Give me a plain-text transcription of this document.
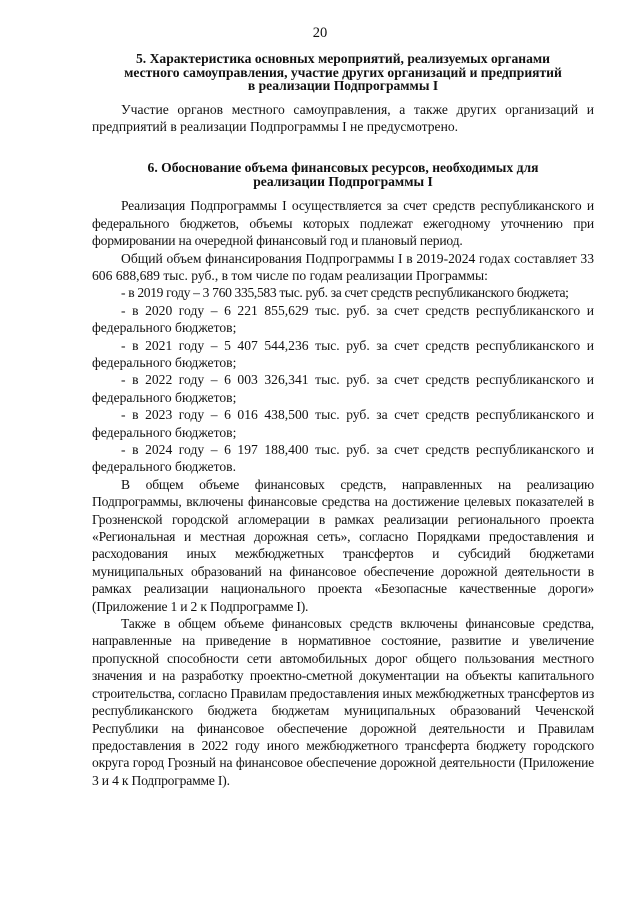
20
5. Характеристика основных мероприятий, реализуемых органами
местного самоуправления, участие других организаций и предприятий
в реализации Подпрограммы I

Участие органов местного самоуправления, а также других организаций и предприятий в реализации Подпрограммы I не предусмотрено.

6. Обоснование объема финансовых ресурсов, необходимых для
реализации Подпрограммы I

Реализация Подпрограммы I осуществляется за счет средств республиканского и федерального бюджетов, объемы которых подлежат ежегодному уточнению при формировании на очередной финансовый год и плановый период.

Общий объем финансирования Подпрограммы I в 2019-2024 годах составляет 33 606 688,689 тыс. руб., в том числе по годам реализации Программы:

- в 2019 году – 3 760 335,583 тыс. руб. за счет средств республиканского бюджета;

- в 2020 году – 6 221 855,629 тыс. руб. за счет средств республиканского и федерального бюджетов;

- в 2021 году – 5 407 544,236 тыс. руб. за счет средств республиканского и федерального бюджетов;

- в 2022 году – 6 003 326,341 тыс. руб. за счет средств республиканского и федерального бюджетов;

- в 2023 году – 6 016 438,500 тыс. руб. за счет средств республиканского и федерального бюджетов;

- в 2024 году – 6 197 188,400 тыс. руб. за счет средств республиканского и федерального бюджетов.

В общем объеме финансовых средств, направленных на реализацию Подпрограммы, включены финансовые средства на достижение целевых показателей в Грозненской городской агломерации в рамках реализации регионального проекта «Региональная и местная дорожная сеть», согласно Порядками предоставления и расходования иных межбюджетных трансфертов и субсидий бюджетами муниципальных образований на финансовое обеспечение дорожной деятельности в рамках реализации национального проекта «Безопасные качественные дороги» (Приложение 1 и 2 к Подпрограмме I).

Также в общем объеме финансовых средств включены финансовые средства, направленные на приведение в нормативное состояние, развитие и увеличение пропускной способности сети автомобильных дорог общего пользования местного значения и на разработку проектно-сметной документации на объекты капитального строительства, согласно Правилам предоставления иных межбюджетных трансфертов из республиканского бюджета бюджетам муниципальных образований Чеченской Республики на финансовое обеспечение дорожной деятельности и Правилам предоставления в 2022 году иного межбюджетного трансферта бюджету городского округа город Грозный на финансовое обеспечение дорожной деятельности (Приложение 3 и 4 к Подпрограмме I).
